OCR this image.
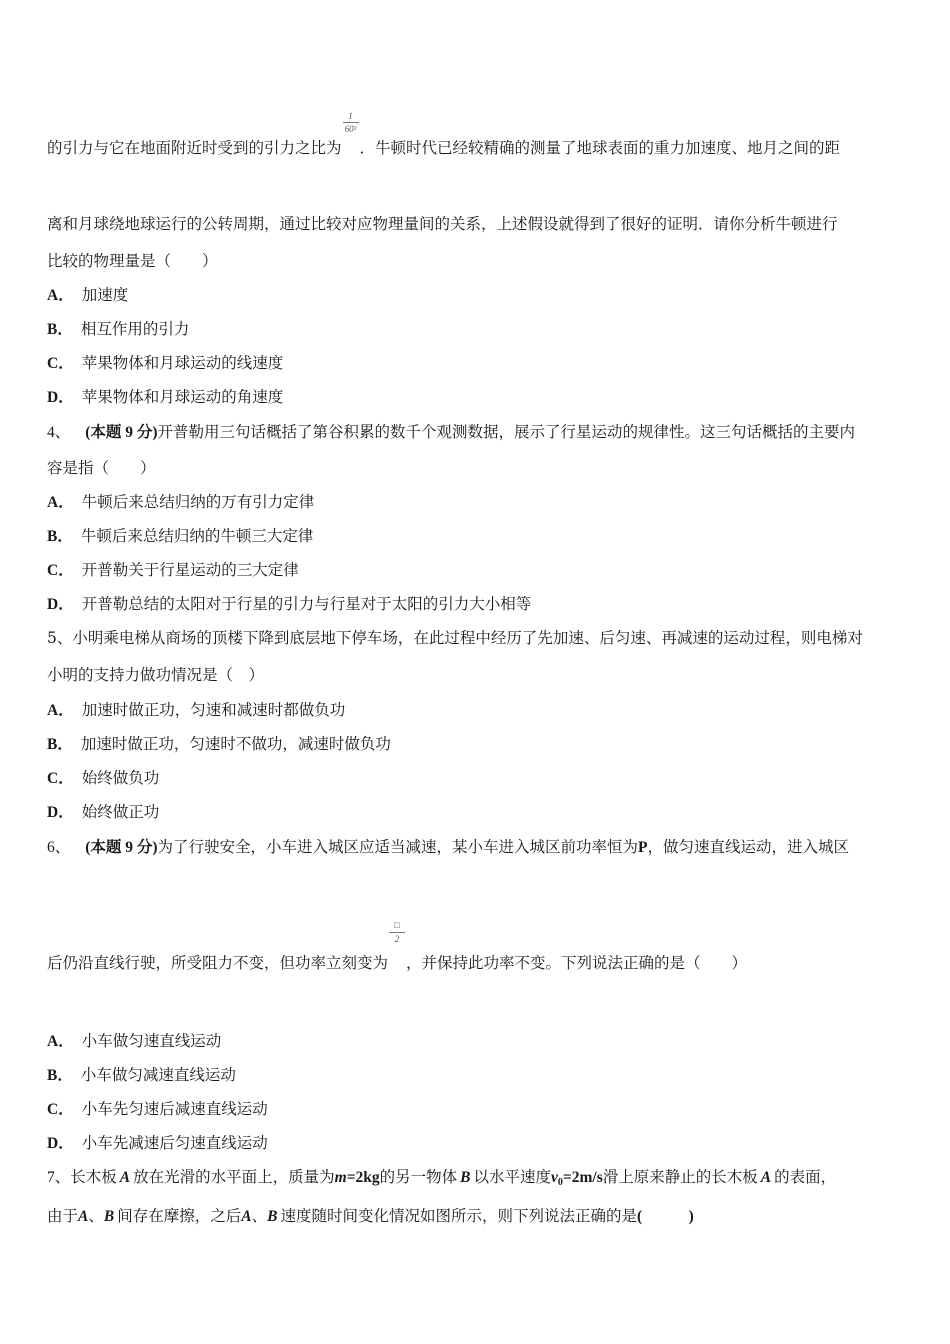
的引力与它在地面附近时受到的引力之比为
$\frac{1}{\text{60²}}$
．牛顿时代已经较精确的测量了地球表面的重力加速度、地月之间的距
离和月球绕地球运行的公转周期，通过比较对应物理量间的关系，上述假设就得到了很好的证明．请你分析牛顿进行
比较的物理量是（　　）
A． 加速度
B． 相互作用的引力
C． 苹果物体和月球运动的线速度
D． 苹果物体和月球运动的角速度
4、 (本题 9 分)开普勒用三句话概括了第谷积累的数千个观测数据，展示了行星运动的规律性。这三句话概括的主要内
容是指（　　）
A． 牛顿后来总结归纳的万有引力定律
B． 牛顿后来总结归纳的牛顿三大定律
C． 开普勒关于行星运动的三大定律
D． 开普勒总结的太阳对于行星的引力与行星对于太阳的引力大小相等
5、小明乘电梯从商场的顶楼下降到底层地下停车场，在此过程中经历了先加速、后匀速、再减速的运动过程，则电梯对
小明的支持力做功情况是（　）
A． 加速时做正功，匀速和减速时都做负功
B． 加速时做正功，匀速时不做功，减速时做负功
C． 始终做负功
D． 始终做正功
6、 (本题 9 分)为了行驶安全，小车进入城区应适当减速，某小车进入城区前功率恒为P，做匀速直线运动，进入城区
后仍沿直线行驶，所受阻力不变，但功率立刻变为
$\frac{□}{2}$
，并保持此功率不变。下列说法正确的是（　　）
A． 小车做匀速直线运动
B． 小车做匀减速直线运动
C． 小车先匀速后减速直线运动
D． 小车先减速后匀速直线运动
7、长木板 A 放在光滑的水平面上，质量为m=2kg的另一物体 B 以水平速度$v_0=2m/s$滑上原来静止的长木板 A 的表面，
由于A、B 间存在摩擦，之后A、B 速度随时间变化情况如图所示，则下列说法正确的是(　　　)
